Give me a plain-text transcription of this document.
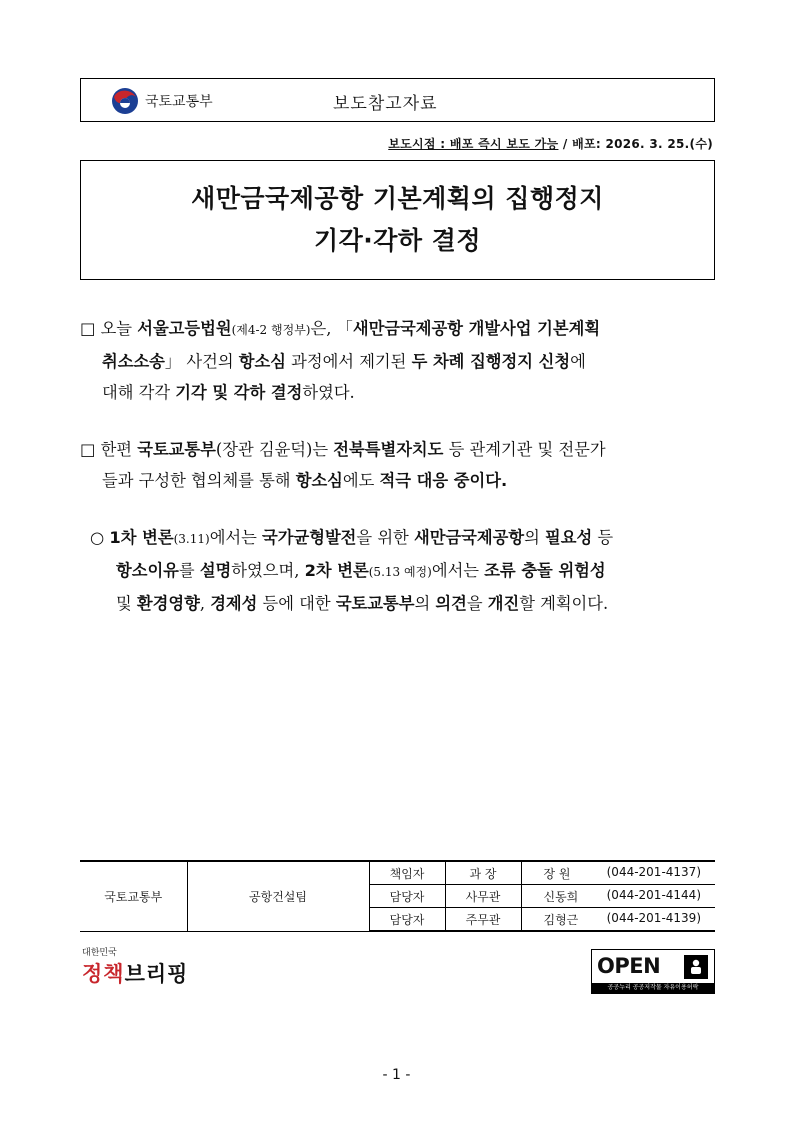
국토교통부	보도참고자료
보도시점 : 배포 즉시 보도 가능 / 배포: 2026. 3. 25.(수)
새만금국제공항 기본계획의 집행정지
기각·각하 결정
□ 오늘 서울고등법원(제4-2 행정부)은, 「새만금국제공항 개발사업 기본계획
취소소송」 사건의 항소심 과정에서 제기된 두 차례 집행정지 신청에
대해 각각 기각 및 각하 결정하였다.
□ 한편 국토교통부(장관 김윤덕)는 전북특별자치도 등 관계기관 및 전문가
들과 구성한 협의체를 통해 항소심에도 적극 대응 중이다.
○ 1차 변론(3.11)에서는 국가균형발전을 위한 새만금국제공항의 필요성 등
항소이유를 설명하였으며, 2차 변론(5.13 예정)에서는 조류 충돌 위험성
및 환경영향, 경제성 등에 대한 국토교통부의 의견을 개진할 계획이다.
국토교통부	공항건설팀	책임자	과 장	장 원 (044-201-4137)

		담당자	사무관	신동희 (044-201-4144)

		담당자	주무관	김형근 (044-201-4139)
대한민국
정책브리핑	OPEN
공공누리 공공저작물 자유이용허락
- 1 -
